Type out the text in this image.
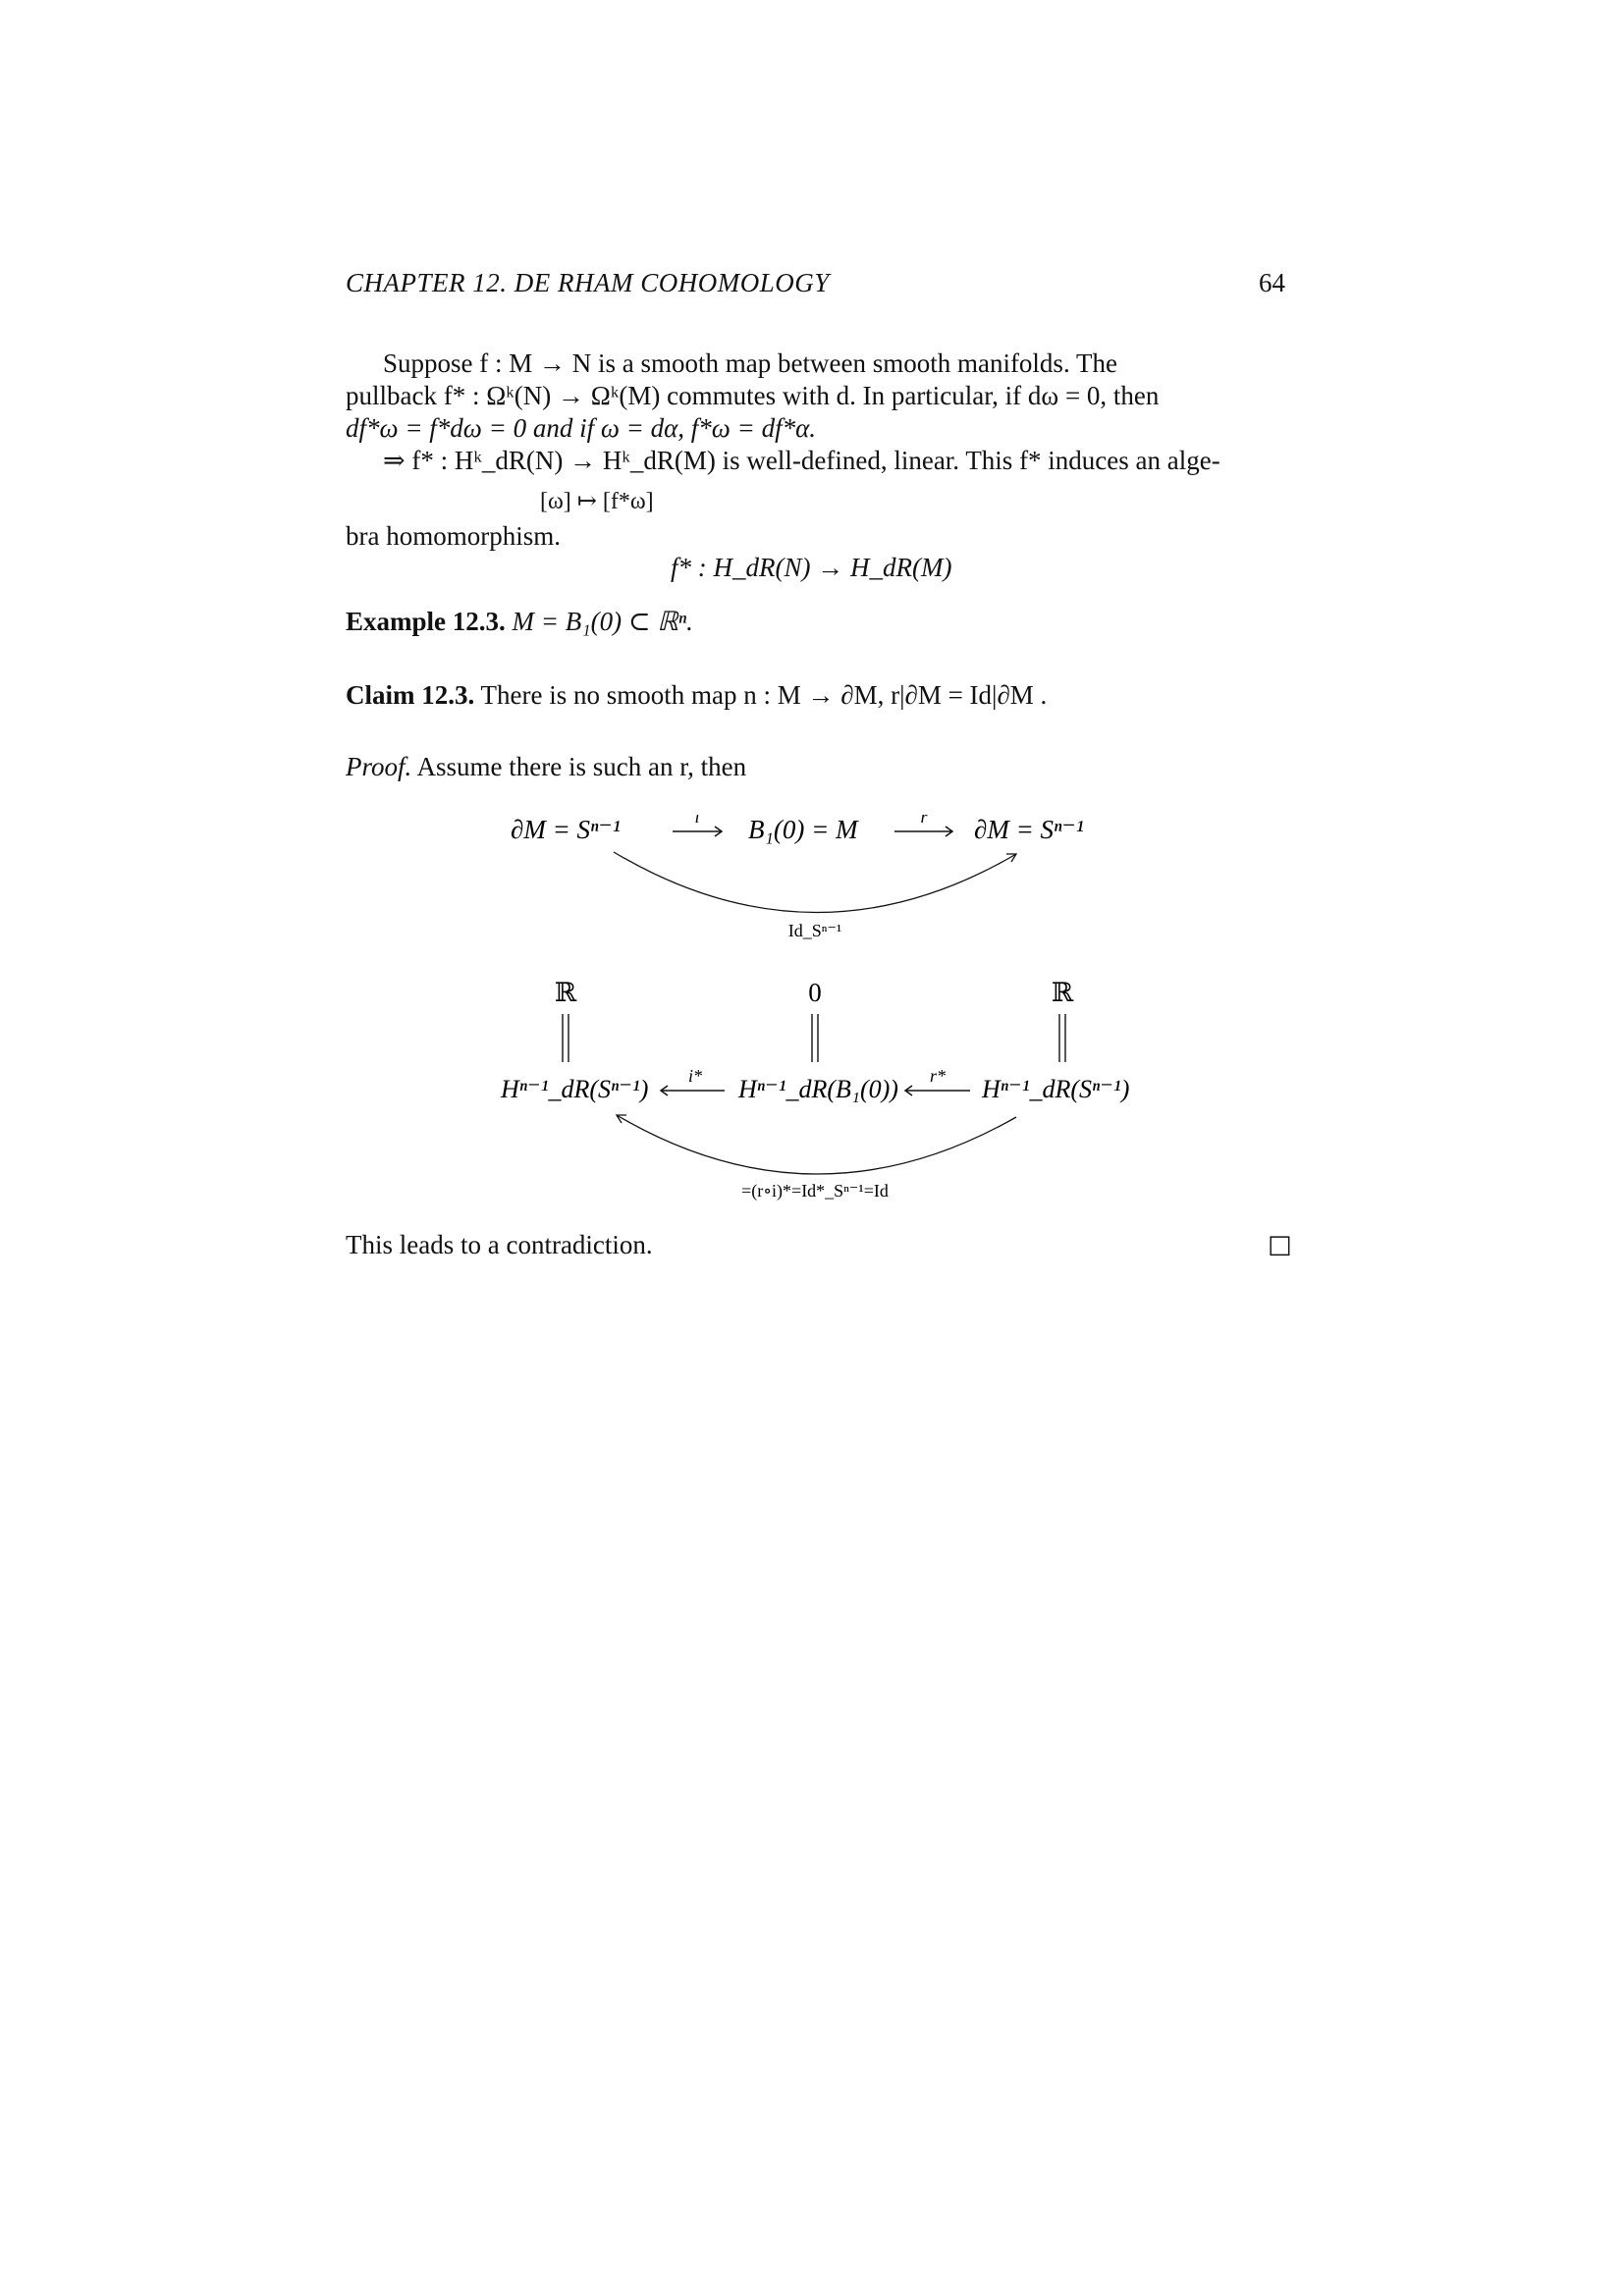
CHAPTER 12. DE RHAM COHOMOLOGY	64
Suppose f : M → N is a smooth map between smooth manifolds. The
pullback f* : Ωᵏ(N) → Ωᵏ(M) commutes with d. In particular, if dω = 0, then
df*ω = f*dω = 0 and if ω = dα, f*ω = df*α.
⇒ f* : Hᵏ_dR(N) → Hᵏ_dR(M) is well-defined, linear. This f* induces an alge-
[ω] ↦ [f*ω]
bra homomorphism.
f* : H_dR(N) → H_dR(M)
Example 12.3. M = B₁(0) ⊂ ℝⁿ.
Claim 12.3. There is no smooth map n : M → ∂M, r|∂M = Id|∂M .
Proof. Assume there is such an r, then
∂M = Sⁿ⁻¹	i B₁(0) = M	r ∂M = Sⁿ⁻¹
Id_Sⁿ⁻¹
ℝ	0	ℝ
Hⁿ⁻¹_dR(Sⁿ⁻¹) i* Hⁿ⁻¹_dR(B₁(0)) r* Hⁿ⁻¹_dR(Sⁿ⁻¹)
=(r∘i)*=Id*_Sⁿ⁻¹=Id
This leads to a contradiction.	□
